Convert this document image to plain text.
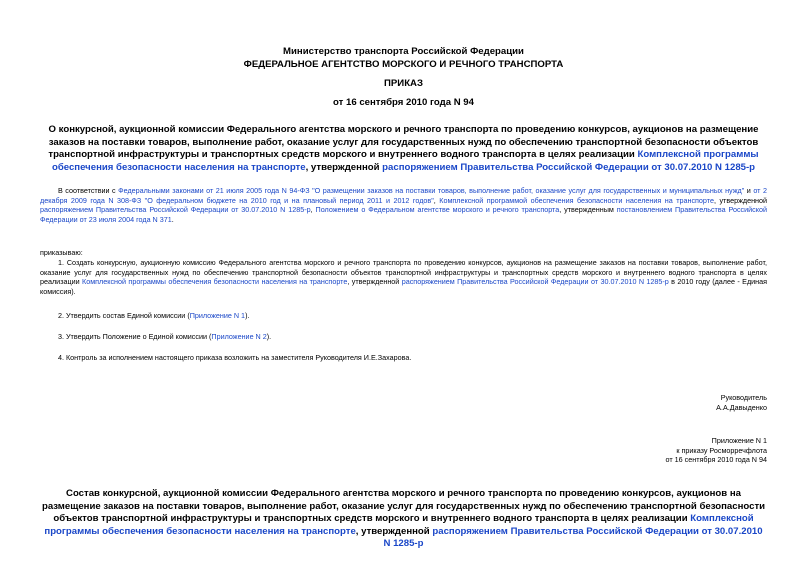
Министерство транспорта Российской Федерации
ФЕДЕРАЛЬНОЕ АГЕНТСТВО МОРСКОГО И РЕЧНОГО ТРАНСПОРТА
ПРИКАЗ
от 16 сентября 2010 года N 94
О конкурсной, аукционной комиссии Федерального агентства морского и речного транспорта по проведению конкурсов, аукционов на размещение заказов на поставки товаров, выполнение работ, оказание услуг для государственных нужд по обеспечению транспортной безопасности объектов транспортной инфраструктуры и транспортных средств морского и внутреннего водного транспорта в целях реализации Комплексной программы обеспечения безопасности населения на транспорте, утвержденной распоряжением Правительства Российской Федерации от 30.07.2010 N 1285-р
В соответствии с Федеральными законами от 21 июля 2005 года N 94-ФЗ "О размещении заказов на поставки товаров, выполнение работ, оказание услуг для государственных и муниципальных нужд" и от 2 декабря 2009 года N 308-ФЗ "О федеральном бюджете на 2010 год и на плановый период 2011 и 2012 годов", Комплексной программой обеспечения безопасности населения на транспорте, утвержденной распоряжением Правительства Российской Федерации от 30.07.2010 N 1285-р, Положением о Федеральном агентстве морского и речного транспорта, утвержденным постановлением Правительства Российской Федерации от 23 июля 2004 года N 371.
приказываю:
1. Создать конкурсную, аукционную комиссию Федерального агентства морского и речного транспорта по проведению конкурсов, аукционов на размещение заказов на поставки товаров, выполнение работ, оказание услуг для государственных нужд по обеспечению транспортной безопасности объектов транспортной инфраструктуры и транспортных средств морского и внутреннего водного транспорта в целях реализации Комплексной программы обеспечения безопасности населения на транспорте, утвержденной распоряжением Правительства Российской Федерации от 30.07.2010 N 1285-р в 2010 году (далее - Единая комиссия).
2. Утвердить состав Единой комиссии (Приложение N 1).
3. Утвердить Положение о Единой комиссии (Приложение N 2).
4. Контроль за исполнением настоящего приказа возложить на заместителя Руководителя И.Е.Захарова.
Руководитель
А.А.Давыденко
Приложение N 1
к приказу Росморречфлота
от 16 сентября 2010 года N 94
Состав конкурсной, аукционной комиссии Федерального агентства морского и речного транспорта по проведению конкурсов, аукционов на размещение заказов на поставки товаров, выполнение работ, оказание услуг для государственных нужд по обеспечению транспортной безопасности объектов транспортной инфраструктуры и транспортных средств морского и внутреннего водного транспорта в целях реализации Комплексной программы обеспечения безопасности населения на транспорте, утвержденной распоряжением Правительства Российской Федерации от 30.07.2010 N 1285-р
